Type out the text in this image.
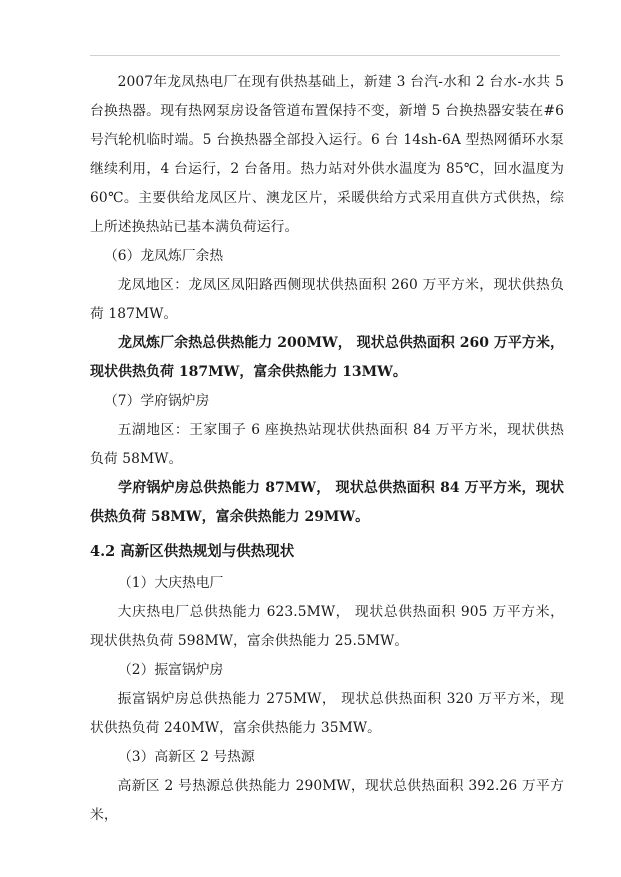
2007年龙凤热电厂在现有供热基础上，新建 3 台汽-水和 2 台水-水共 5 台换热器。现有热网泵房设备管道布置保持不变，新增 5 台换热器安装在#6 号汽轮机临时端。5 台换热器全部投入运行。6 台 14sh-6A 型热网循环水泵继续利用，4 台运行，2 台备用。热力站对外供水温度为 85℃，回水温度为 60℃。主要供给龙凤区片、澳龙区片，采暖供给方式采用直供方式供热，综上所述换热站已基本满负荷运行。

（6）龙凤炼厂余热

龙凤地区：龙凤区凤阳路西侧现状供热面积 260 万平方米，现状供热负荷 187MW。

龙凤炼厂余热总供热能力 200MW， 现状总供热面积 260 万平方米，现状供热负荷 187MW，富余供热能力 13MW。

（7）学府锅炉房

五湖地区：王家围子 6 座换热站现状供热面积 84 万平方米，现状供热负荷 58MW。

学府锅炉房总供热能力 87MW， 现状总供热面积 84 万平方米，现状供热负荷 58MW，富余供热能力 29MW。

4.2 高新区供热规划与供热现状

（1）大庆热电厂

大庆热电厂总供热能力 623.5MW， 现状总供热面积 905 万平方米，现状供热负荷 598MW，富余供热能力 25.5MW。

（2）振富锅炉房

振富锅炉房总供热能力 275MW， 现状总供热面积 320 万平方米，现状供热负荷 240MW，富余供热能力 35MW。

（3）高新区 2 号热源

高新区 2 号热源总供热能力 290MW，现状总供热面积 392.26 万平方米，
